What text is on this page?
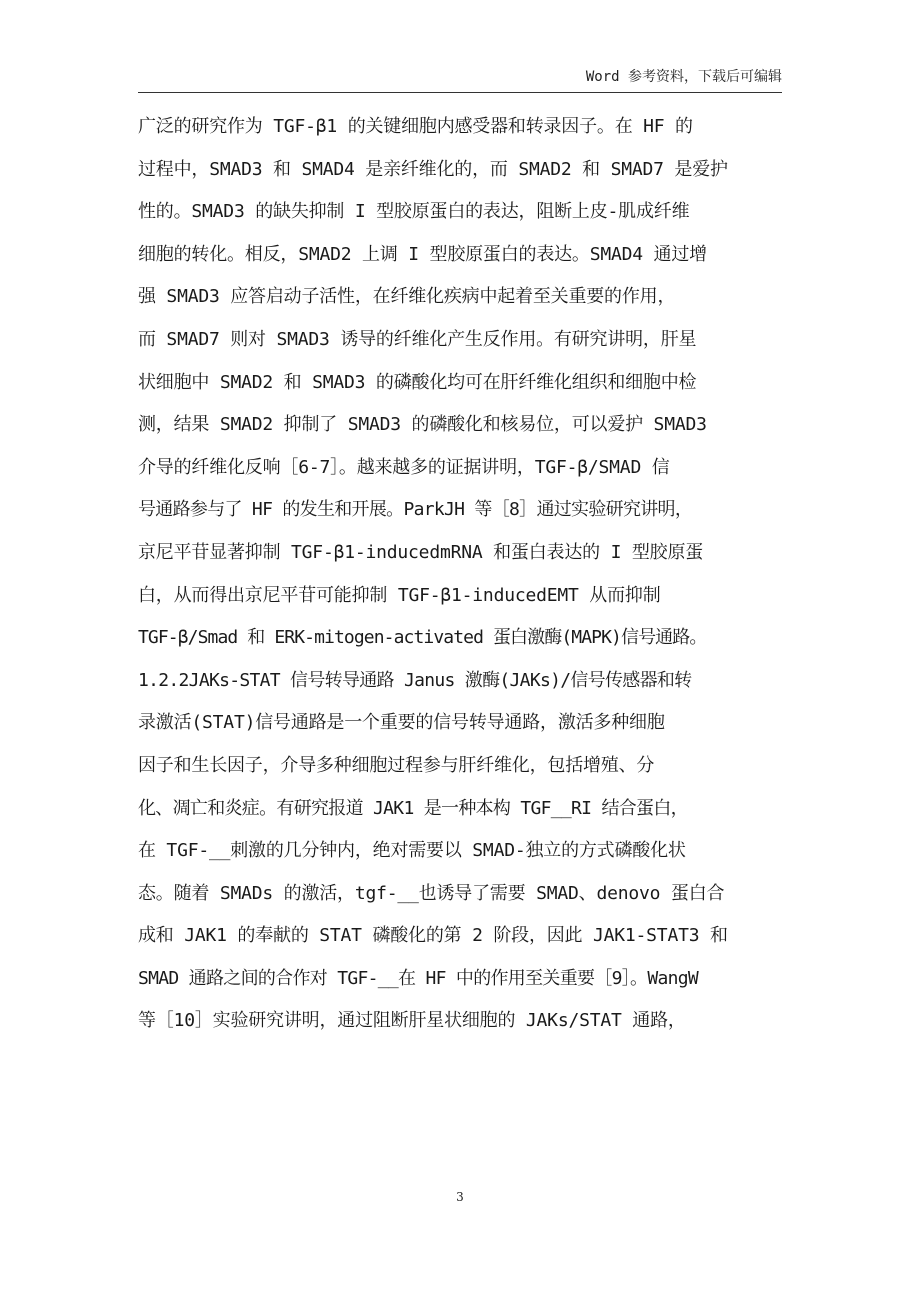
Word 参考资料，下载后可编辑
广泛的研究作为 TGF-β1 的关键细胞内感受器和转录因子。在 HF 的
过程中，SMAD3 和 SMAD4 是亲纤维化的，而 SMAD2 和 SMAD7 是爱护
性的。SMAD3 的缺失抑制 I 型胶原蛋白的表达，阻断上皮-肌成纤维
细胞的转化。相反，SMAD2 上调 I 型胶原蛋白的表达。SMAD4 通过增
强 SMAD3 应答启动子活性，在纤维化疾病中起着至关重要的作用，
而 SMAD7 则对 SMAD3 诱导的纤维化产生反作用。有研究讲明，肝星
状细胞中 SMAD2 和 SMAD3 的磷酸化均可在肝纤维化组织和细胞中检
测，结果 SMAD2 抑制了 SMAD3 的磷酸化和核易位，可以爱护 SMAD3
介导的纤维化反响［6-7］。越来越多的证据讲明，TGF-β/SMAD 信
号通路参与了 HF 的发生和开展。ParkJH 等［8］通过实验研究讲明，
京尼平苷显著抑制 TGF-β1-inducedmRNA 和蛋白表达的 I 型胶原蛋
白，从而得出京尼平苷可能抑制 TGF-β1-inducedEMT 从而抑制
TGF-β/Smad 和 ERK-mitogen-activated 蛋白激酶(MAPK)信号通路。
1.2.2JAKs-STAT 信号转导通路 Janus 激酶(JAKs)/信号传感器和转
录激活(STAT)信号通路是一个重要的信号转导通路，激活多种细胞
因子和生长因子，介导多种细胞过程参与肝纤维化，包括增殖、分
化、凋亡和炎症。有研究报道 JAK1 是一种本构 TGF__RI 结合蛋白，
在 TGF-__刺激的几分钟内，绝对需要以 SMAD-独立的方式磷酸化状
态。随着 SMADs 的激活，tgf-__也诱导了需要 SMAD、denovo 蛋白合
成和 JAK1 的奉献的 STAT 磷酸化的第 2 阶段，因此 JAK1-STAT3 和
SMAD 通路之间的合作对 TGF-__在 HF 中的作用至关重要［9］。WangW
等［10］实验研究讲明，通过阻断肝星状细胞的 JAKs/STAT 通路，
3
